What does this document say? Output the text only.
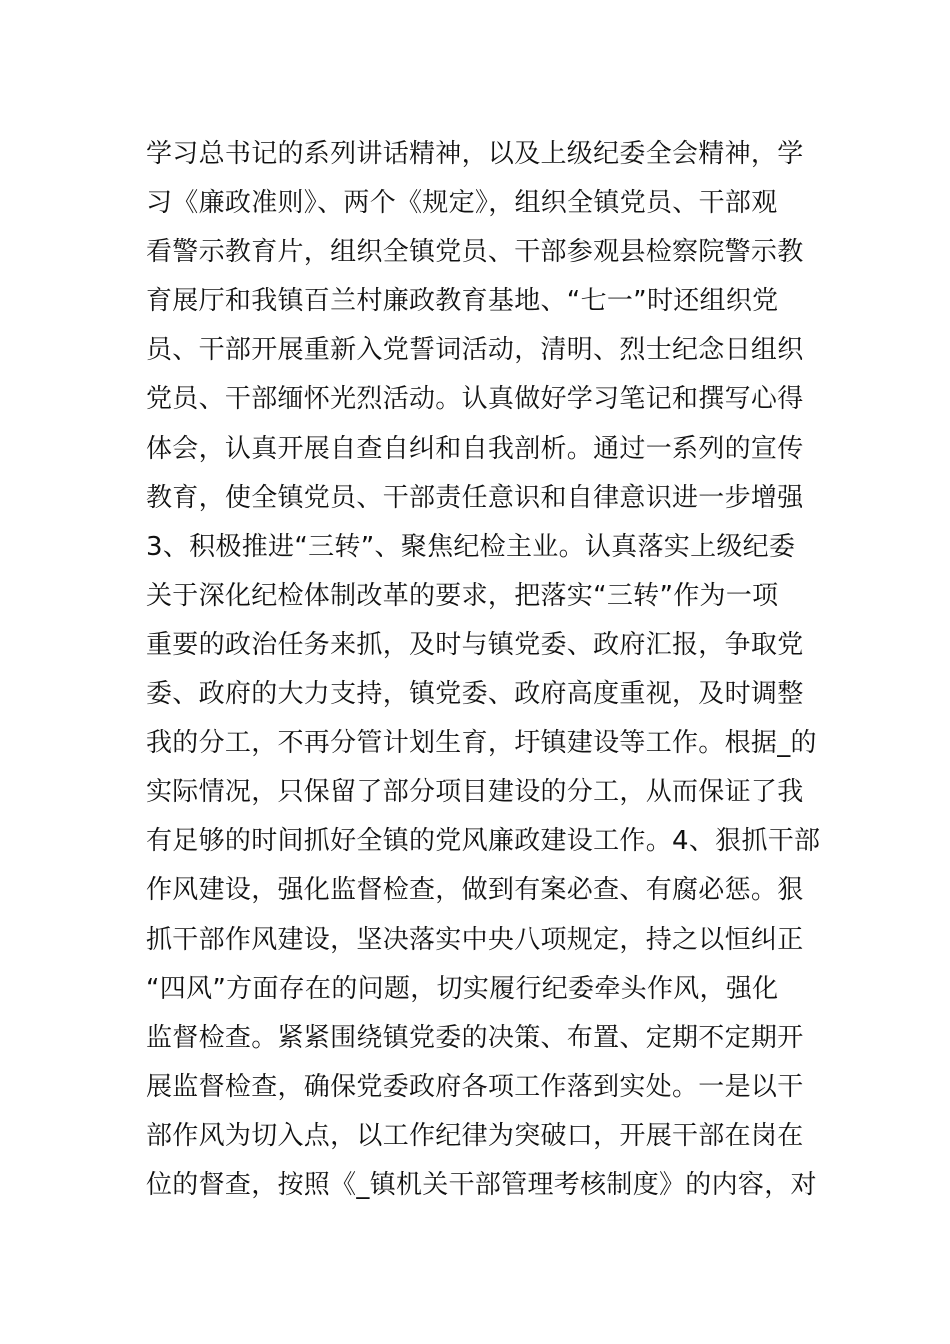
学习总书记的系列讲话精神，以及上级纪委全会精神，学
习《廉政准则》、两个《规定》，组织全镇党员、干部观
看警示教育片，组织全镇党员、干部参观县检察院警示教
育展厅和我镇百兰村廉政教育基地、“七一”时还组织党
员、干部开展重新入党誓词活动，清明、烈士纪念日组织
党员、干部缅怀光烈活动。认真做好学习笔记和撰写心得
体会，认真开展自查自纠和自我剖析。通过一系列的宣传
教育，使全镇党员、干部责任意识和自律意识进一步增强
3、积极推进“三转”、聚焦纪检主业。认真落实上级纪委
关于深化纪检体制改革的要求，把落实“三转”作为一项
重要的政治任务来抓，及时与镇党委、政府汇报，争取党
委、政府的大力支持，镇党委、政府高度重视，及时调整
我的分工，不再分管计划生育，圩镇建设等工作。根据_的
实际情况，只保留了部分项目建设的分工，从而保证了我
有足够的时间抓好全镇的党风廉政建设工作。4、狠抓干部
作风建设，强化监督检查，做到有案必查、有腐必惩。狠
抓干部作风建设，坚决落实中央八项规定，持之以恒纠正
“四风”方面存在的问题，切实履行纪委牵头作风，强化
监督检查。紧紧围绕镇党委的决策、布置、定期不定期开
展监督检查，确保党委政府各项工作落到实处。一是以干
部作风为切入点，以工作纪律为突破口，开展干部在岗在
位的督查，按照《_镇机关干部管理考核制度》的内容，对
